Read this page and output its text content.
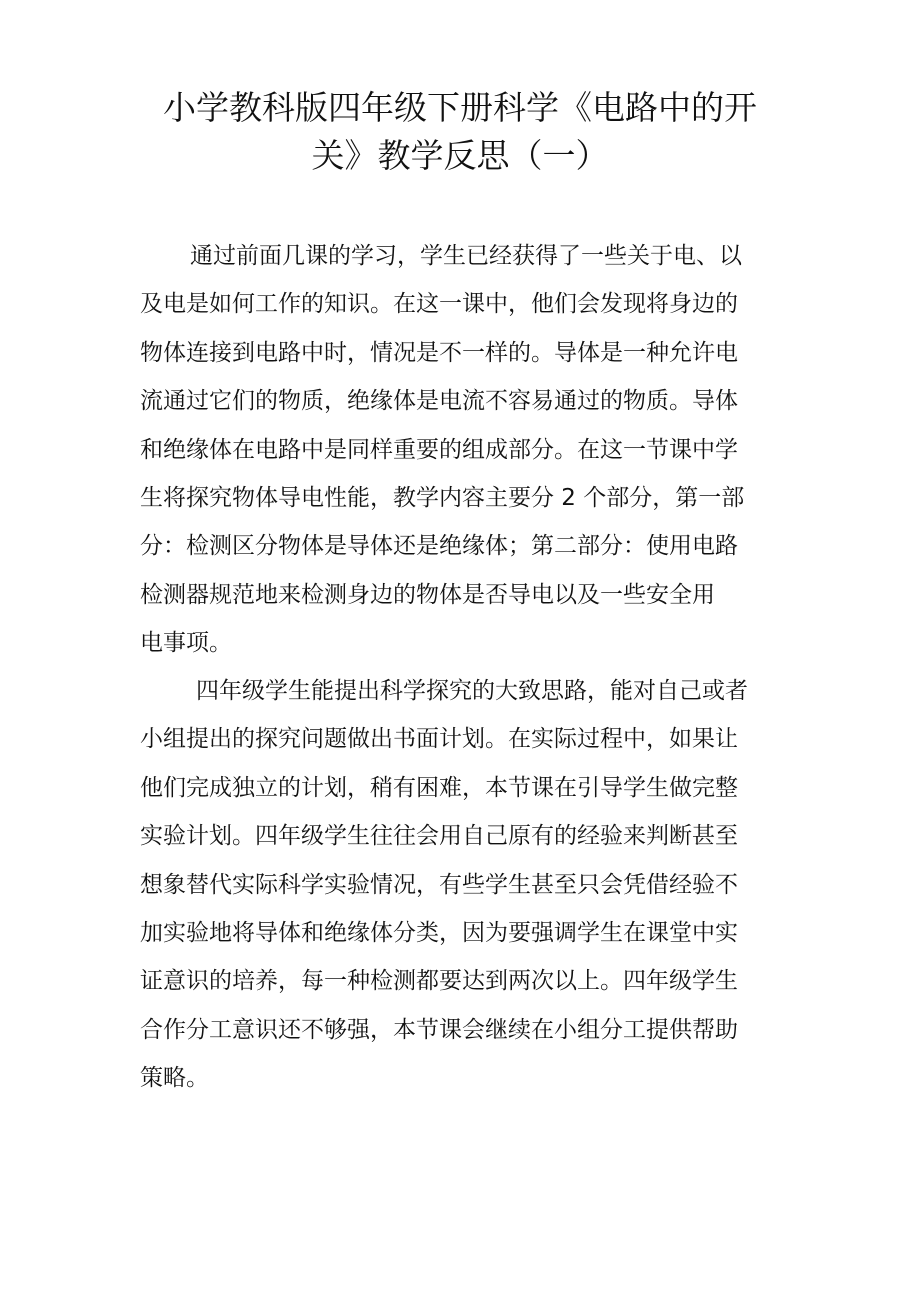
小学教科版四年级下册科学《电路中的开
关》教学反思（一）
通过前面几课的学习，学生已经获得了一些关于电、以
及电是如何工作的知识。在这一课中，他们会发现将身边的
物体连接到电路中时，情况是不一样的。导体是一种允许电
流通过它们的物质，绝缘体是电流不容易通过的物质。导体
和绝缘体在电路中是同样重要的组成部分。在这一节课中学
生将探究物体导电性能，教学内容主要分 2 个部分，第一部
分：检测区分物体是导体还是绝缘体；第二部分：使用电路
检测器规范地来检测身边的物体是否导电以及一些安全用
电事项。
四年级学生能提出科学探究的大致思路，能对自己或者
小组提出的探究问题做出书面计划。在实际过程中，如果让
他们完成独立的计划，稍有困难，本节课在引导学生做完整
实验计划。四年级学生往往会用自己原有的经验来判断甚至
想象替代实际科学实验情况，有些学生甚至只会凭借经验不
加实验地将导体和绝缘体分类，因为要强调学生在课堂中实
证意识的培养，每一种检测都要达到两次以上。四年级学生
合作分工意识还不够强，本节课会继续在小组分工提供帮助
策略。
